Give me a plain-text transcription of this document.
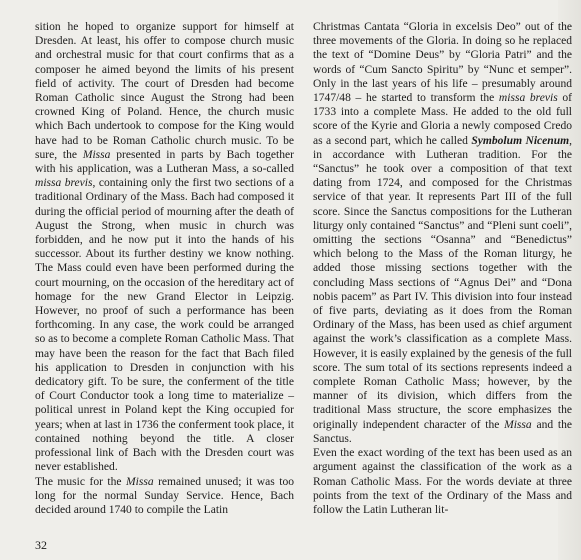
sition he hoped to organize support for himself at Dresden. At least, his offer to compose church music and orchestral music for that court confirms that as a composer he aimed beyond the limits of his present field of activity. The court of Dresden had become Roman Catholic since August the Strong had been crowned King of Poland. Hence, the church music which Bach undertook to compose for the King would have had to be Roman Catholic church music. To be sure, the Missa presented in parts by Bach together with his application, was a Lutheran Mass, a so-called missa brevis, containing only the first two sections of a traditional Ordinary of the Mass. Bach had composed it during the official period of mourning after the death of August the Strong, when music in church was forbidden, and he now put it into the hands of his successor. About its further destiny we know nothing. The Mass could even have been performed during the court mourning, on the occasion of the hereditary act of homage for the new Grand Elector in Leipzig. However, no proof of such a performance has been forthcoming. In any case, the work could be arranged so as to become a complete Roman Catholic Mass. That may have been the reason for the fact that Bach filed his application to Dresden in conjunction with his dedicatory gift. To be sure, the conferment of the title of Court Conductor took a long time to materialize – political unrest in Poland kept the King occupied for years; when at last in 1736 the conferment took place, it contained nothing beyond the title. A closer professional link of Bach with the Dresden court was never established.

The music for the Missa remained unused; it was too long for the normal Sunday Service. Hence, Bach decided around 1740 to compile the Latin

Christmas Cantata “Gloria in excelsis Deo” out of the three movements of the Gloria. In doing so he replaced the text of “Domine Deus” by “Gloria Patri” and the words of “Cum Sancto Spiritu” by “Nunc et semper”. Only in the last years of his life – presumably around 1747/48 – he started to transform the missa brevis of 1733 into a complete Mass. He added to the old full score of the Kyrie and Gloria a newly composed Credo as a second part, which he called Symbolum Nicenum, in accordance with Lutheran tradition. For the “Sanctus” he took over a composition of that text dating from 1724, and composed for the Christmas service of that year. It represents Part III of the full score. Since the Sanctus compositions for the Lutheran liturgy only contained “Sanctus” and “Pleni sunt coeli”, omitting the sections “Osanna” and “Benedictus” which belong to the Mass of the Roman liturgy, he added those missing sections together with the concluding Mass sections of “Agnus Dei” and “Dona nobis pacem” as Part IV. This division into four instead of five parts, deviating as it does from the Roman Ordinary of the Mass, has been used as chief argument against the work’s classification as a complete Mass. However, it is easily explained by the genesis of the full score. The sum total of its sections represents indeed a complete Roman Catholic Mass; however, by the manner of its division, which differs from the traditional Mass structure, the score emphasizes the originally independent character of the Missa and the Sanctus.

Even the exact wording of the text has been used as an argument against the classification of the work as a Roman Catholic Mass. For the words deviate at three points from the text of the Ordinary of the Mass and follow the Latin Lutheran lit-

32
